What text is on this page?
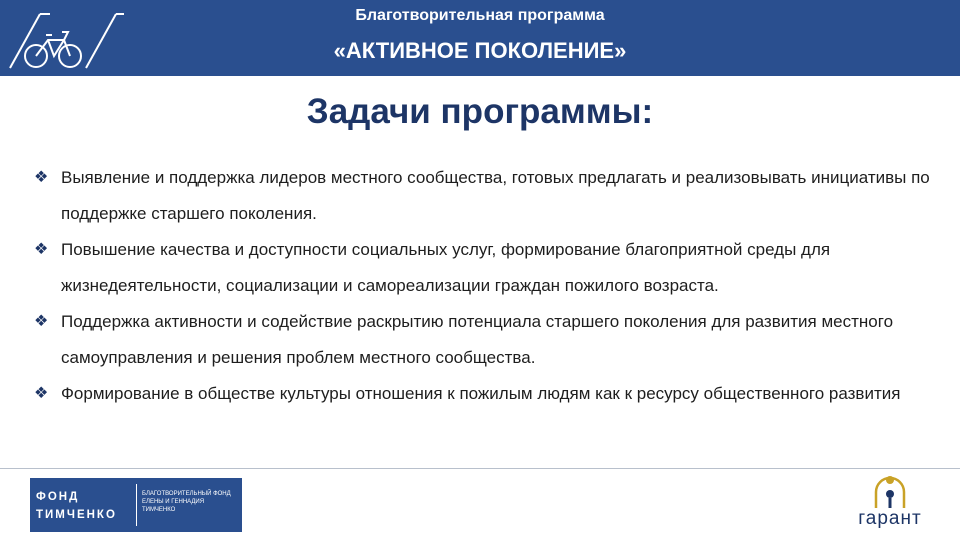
Благотворительная программа
«АКТИВНОЕ ПОКОЛЕНИЕ»
Задачи программы:
❖ Выявление и поддержка лидеров местного сообщества, готовых предлагать и реализовывать инициативы по поддержке старшего поколения.
❖ Повышение качества и доступности социальных услуг, формирование благоприятной среды для жизнедеятельности, социализации и самореализации граждан пожилого возраста.
❖ Поддержка активности и содействие раскрытию потенциала старшего поколения для развития местного самоуправления и решения проблем местного сообщества.
❖ Формирование в обществе культуры отношения к пожилым людям как к ресурсу общественного развития
ФОНД
ТИМЧЕНКО
БЛАГОТВОРИТЕЛЬНЫЙ ФОНД
ЕЛЕНЫ И ГЕННАДИЯ
ТИМЧЕНКО	гарант
